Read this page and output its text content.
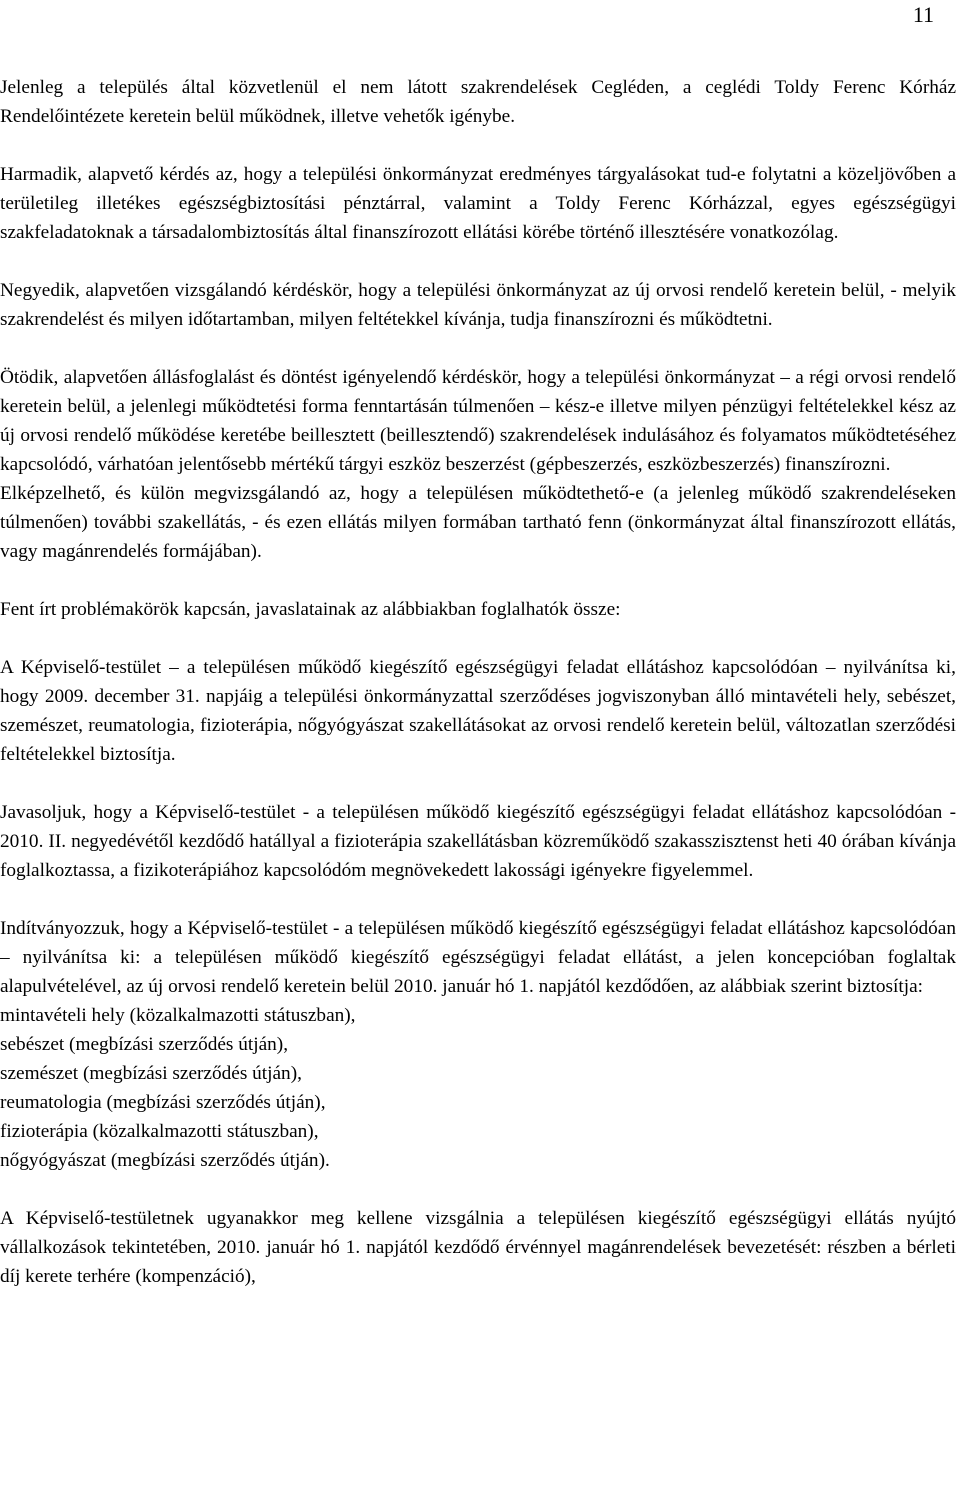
11

Jelenleg a település által közvetlenül el nem látott szakrendelések Cegléden, a ceglédi Toldy Ferenc Kórház Rendelőintézete keretein belül működnek, illetve vehetők igénybe.

Harmadik, alapvető kérdés az, hogy a települési önkormányzat eredményes tárgyalásokat tud-e folytatni a közeljövőben a területileg illetékes egészségbiztosítási pénztárral, valamint a Toldy Ferenc Kórházzal, egyes egészségügyi szakfeladatoknak a társadalombiztosítás által finanszírozott ellátási körébe történő illesztésére vonatkozólag.

Negyedik, alapvetően vizsgálandó kérdéskör, hogy a települési önkormányzat az új orvosi rendelő keretein belül, - melyik szakrendelést és milyen időtartamban, milyen feltétekkel kívánja, tudja finanszírozni és működtetni.

Ötödik, alapvetően állásfoglalást és döntést igényelendő kérdéskör, hogy a települési önkormányzat – a régi orvosi rendelő keretein belül, a jelenlegi működtetési forma fenntartásán túlmenően – kész-e illetve milyen pénzügyi feltételekkel kész az új orvosi rendelő működése keretébe beillesztett (beillesztendő) szakrendelések indulásához és folyamatos működtetéséhez kapcsolódó, várhatóan jelentősebb mértékű tárgyi eszköz beszerzést (gépbeszerzés, eszközbeszerzés) finanszírozni.

Elképzelhető, és külön megvizsgálandó az, hogy a településen működtethető-e (a jelenleg működő szakrendeléseken túlmenően) további szakellátás, - és ezen ellátás milyen formában tartható fenn (önkormányzat által finanszírozott ellátás, vagy magánrendelés formájában).

Fent írt problémakörök kapcsán, javaslatainak az alábbiakban foglalhatók össze:

A Képviselő-testület – a településen működő kiegészítő egészségügyi feladat ellátáshoz kapcsolódóan – nyilvánítsa ki, hogy 2009. december 31. napjáig a települési önkormányzattal szerződéses jogviszonyban álló mintavételi hely, sebészet, szemészet, reumatologia, fizioterápia, nőgyógyászat szakellátásokat az orvosi rendelő keretein belül, változatlan szerződési feltételekkel biztosítja.

Javasoljuk, hogy a Képviselő-testület - a településen működő kiegészítő egészségügyi feladat ellátáshoz kapcsolódóan - 2010. II. negyedévétől kezdődő hatállyal a fizioterápia szakellátásban közreműködő szakasszisztenst heti 40 órában kívánja foglalkoztassa, a fizikoterápiához kapcsolódóm megnövekedett lakossági igényekre figyelemmel.

Indítványozzuk, hogy a Képviselő-testület - a településen működő kiegészítő egészségügyi feladat ellátáshoz kapcsolódóan – nyilvánítsa ki: a településen működő kiegészítő egészségügyi feladat ellátást, a jelen koncepcióban foglaltak alapulvételével, az új orvosi rendelő keretein belül 2010. január hó 1. napjától kezdődően, az alábbiak szerint biztosítja:

mintavételi hely (közalkalmazotti státuszban),
sebészet (megbízási szerződés útján),
szemészet (megbízási szerződés útján),
reumatologia (megbízási szerződés útján),
fizioterápia (közalkalmazotti státuszban),
nőgyógyászat (megbízási szerződés útján).

A Képviselő-testületnek ugyanakkor meg kellene vizsgálnia a településen kiegészítő egészségügyi ellátás nyújtó vállalkozások tekintetében, 2010. január hó 1. napjától kezdődő érvénnyel magánrendelések bevezetését: részben a bérleti díj kerete terhére (kompenzáció),
